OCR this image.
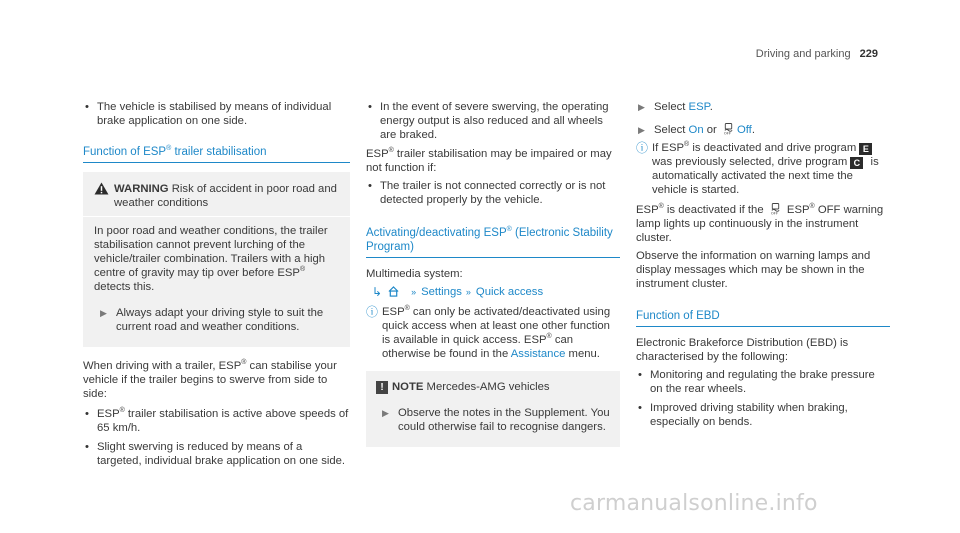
Driving and parking 229
• The vehicle is stabilised by means of individual brake application on one side.
Function of ESP® trailer stabilisation
WARNING Risk of accident in poor road and weather conditions
In poor road and weather conditions, the trailer stabilisation cannot prevent lurching of the vehicle/trailer combination. Trailers with a high centre of gravity may tip over before ESP® detects this.
▶ Always adapt your driving style to suit the current road and weather conditions.
When driving with a trailer, ESP® can stabilise your vehicle if the trailer begins to swerve from side to side:
• ESP® trailer stabilisation is active above speeds of 65 km/h.
• Slight swerving is reduced by means of a targeted, individual brake application on one side.
• In the event of severe swerving, the operating energy output is also reduced and all wheels are braked.
ESP® trailer stabilisation may be impaired or may not function if:
• The trailer is not connected correctly or is not detected properly by the vehicle.
Activating/deactivating ESP® (Electronic Stability Program)
Multimedia system:
↳	» Settings » Quick access
ⓘ ESP® can only be activated/deactivated using quick access when at least one other function is available in quick access. ESP® can otherwise be found in the Assistance menu.
! NOTE Mercedes-AMG vehicles
▶ Observe the notes in the Supplement. You could otherwise fail to recognise dangers.
▶ Select ESP.
▶ Select On or OFF Off.
ⓘ If ESP® is deactivated and drive program E was previously selected, drive program C is automatically activated the next time the vehicle is started.
ESP® is deactivated if the OFF ESP® OFF warning lamp lights up continuously in the instrument cluster.
Observe the information on warning lamps and display messages which may be shown in the instrument cluster.
Function of EBD
Electronic Brakeforce Distribution (EBD) is characterised by the following:
• Monitoring and regulating the brake pressure on the rear wheels.
• Improved driving stability when braking, especially on bends.
carmanualsonline.info
